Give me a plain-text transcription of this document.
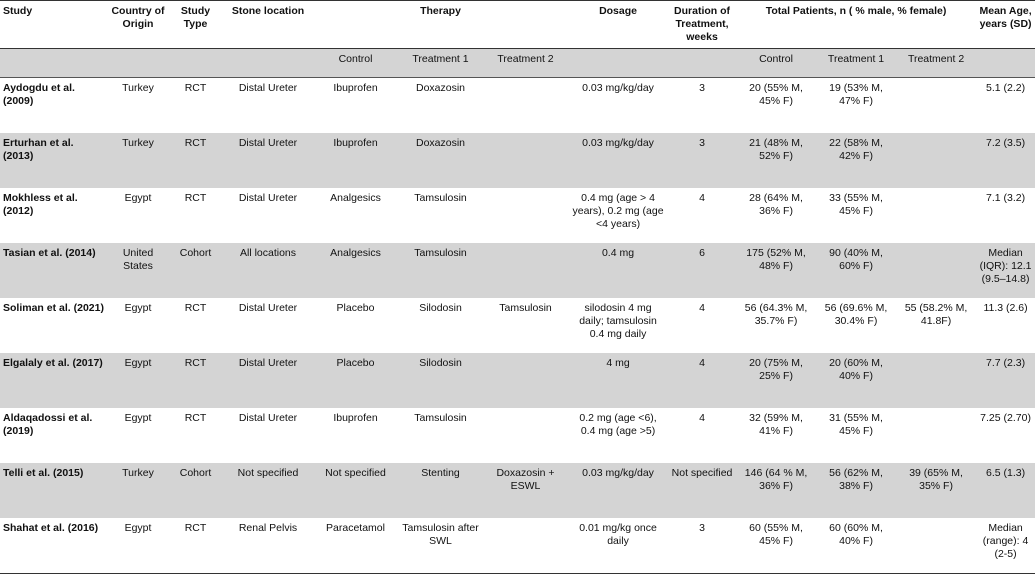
Study	Country of Origin	Study Type	Stone location	Therapy			Dosage	Duration of Treatment, weeks	Total Patients, n ( % male, % female)			Mean Age, years (SD)
				Control	Treatment 1	Treatment 2			Control	Treatment 1	Treatment 2	
Aydogdu et al. (2009)	Turkey	RCT	Distal Ureter	Ibuprofen	Doxazosin		0.03 mg/kg/day	3	20 (55% M, 45% F)	19 (53% M, 47% F)		5.1 (2.2)
Erturhan et al. (2013)	Turkey	RCT	Distal Ureter	Ibuprofen	Doxazosin		0.03 mg/kg/day	3	21 (48% M, 52% F)	22 (58% M, 42% F)		7.2 (3.5)
Mokhless et al. (2012)	Egypt	RCT	Distal Ureter	Analgesics	Tamsulosin		0.4 mg (age > 4 years), 0.2 mg (age <4 years)	4	28 (64% M, 36% F)	33 (55% M, 45% F)		7.1 (3.2)
Tasian et al. (2014)	United States	Cohort	All locations	Analgesics	Tamsulosin		0.4 mg	6	175 (52% M, 48% F)	90 (40% M, 60% F)		Median (IQR): 12.1 (9.5–14.8)
Soliman et al. (2021)	Egypt	RCT	Distal Ureter	Placebo	Silodosin	Tamsulosin	silodosin 4 mg daily; tamsulosin 0.4 mg daily	4	56 (64.3% M, 35.7% F)	56 (69.6% M, 30.4% F)	55 (58.2% M, 41.8F)	11.3 (2.6)
Elgalaly et al. (2017)	Egypt	RCT	Distal Ureter	Placebo	Silodosin		4 mg	4	20 (75% M, 25% F)	20 (60% M, 40% F)		7.7 (2.3)
Aldaqadossi et al. (2019)	Egypt	RCT	Distal Ureter	Ibuprofen	Tamsulosin		0.2 mg (age <6), 0.4 mg (age >5)	4	32 (59% M, 41% F)	31 (55% M, 45% F)		7.25 (2.70)
Telli et al. (2015)	Turkey	Cohort	Not specified	Not specified	Stenting	Doxazosin + ESWL	0.03 mg/kg/day	Not specified	146 (64 % M, 36% F)	56 (62% M, 38% F)	39 (65% M, 35% F)	6.5 (1.3)
Shahat et al. (2016)	Egypt	RCT	Renal Pelvis	Paracetamol	Tamsulosin after SWL		0.01 mg/kg once daily	3	60 (55% M, 45% F)	60 (60% M, 40% F)		Median (range): 4 (2-5)
